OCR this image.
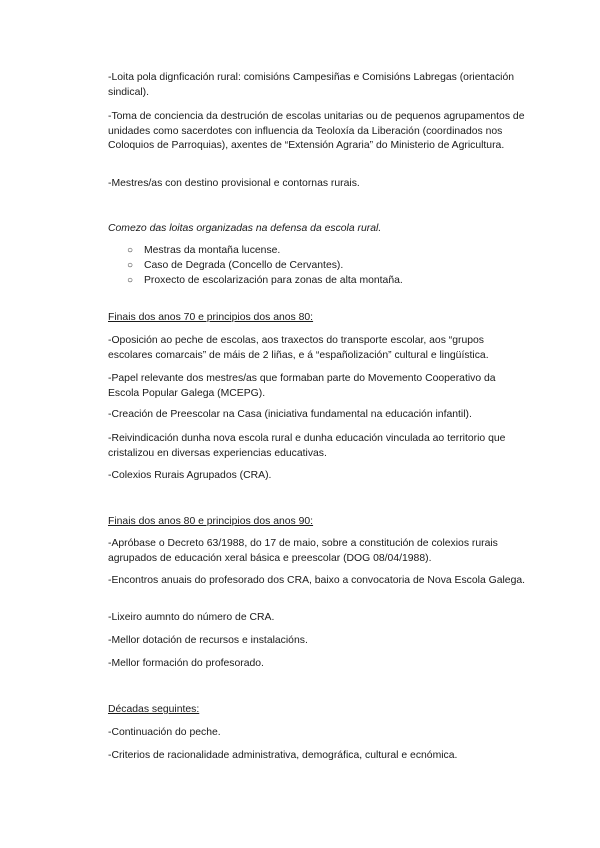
-Loita pola dignficación rural: comisións Campesiñas e Comisións Labregas (orientación sindical).

-Toma de conciencia da destrución de escolas unitarias ou de pequenos agrupamentos de unidades como sacerdotes con influencia da Teoloxía da Liberación (coordinados nos Coloquios de Parroquias), axentes de “Extensión Agraria” do Ministerio de Agricultura.

-Mestres/as con destino provisional e contornas rurais.

Comezo das loitas organizadas na defensa da escola rural.

○ Mestras da montaña lucense.
○ Caso de Degrada (Concello de Cervantes).
○ Proxecto de escolarización para zonas de alta montaña.

Finais dos anos 70 e principios dos anos 80:

-Oposición ao peche de escolas, aos traxectos do transporte escolar, aos “grupos escolares comarcais” de máis de 2 liñas, e á “españolización” cultural e lingüística.

-Papel relevante dos mestres/as que formaban parte do Movemento Cooperativo da Escola Popular Galega (MCEPG).

-Creación de Preescolar na Casa (iniciativa fundamental na educación infantil).

-Reivindicación dunha nova escola rural e dunha educación vinculada ao territorio que cristalizou en diversas experiencias educativas.

-Colexios Rurais Agrupados (CRA).

Finais dos anos 80 e principios dos anos 90:

-Apróbase o Decreto 63/1988, do 17 de maio, sobre a constitución de colexios rurais agrupados de educación xeral básica e preescolar (DOG 08/04/1988).

-Encontros anuais do profesorado dos CRA, baixo a convocatoria de Nova Escola Galega.

-Lixeiro aumnto do número de CRA.

-Mellor dotación de recursos e instalacións.

-Mellor formación do profesorado.

Décadas seguintes:

-Continuación do peche.

-Criterios de racionalidade administrativa, demográfica, cultural e ecnómica.
